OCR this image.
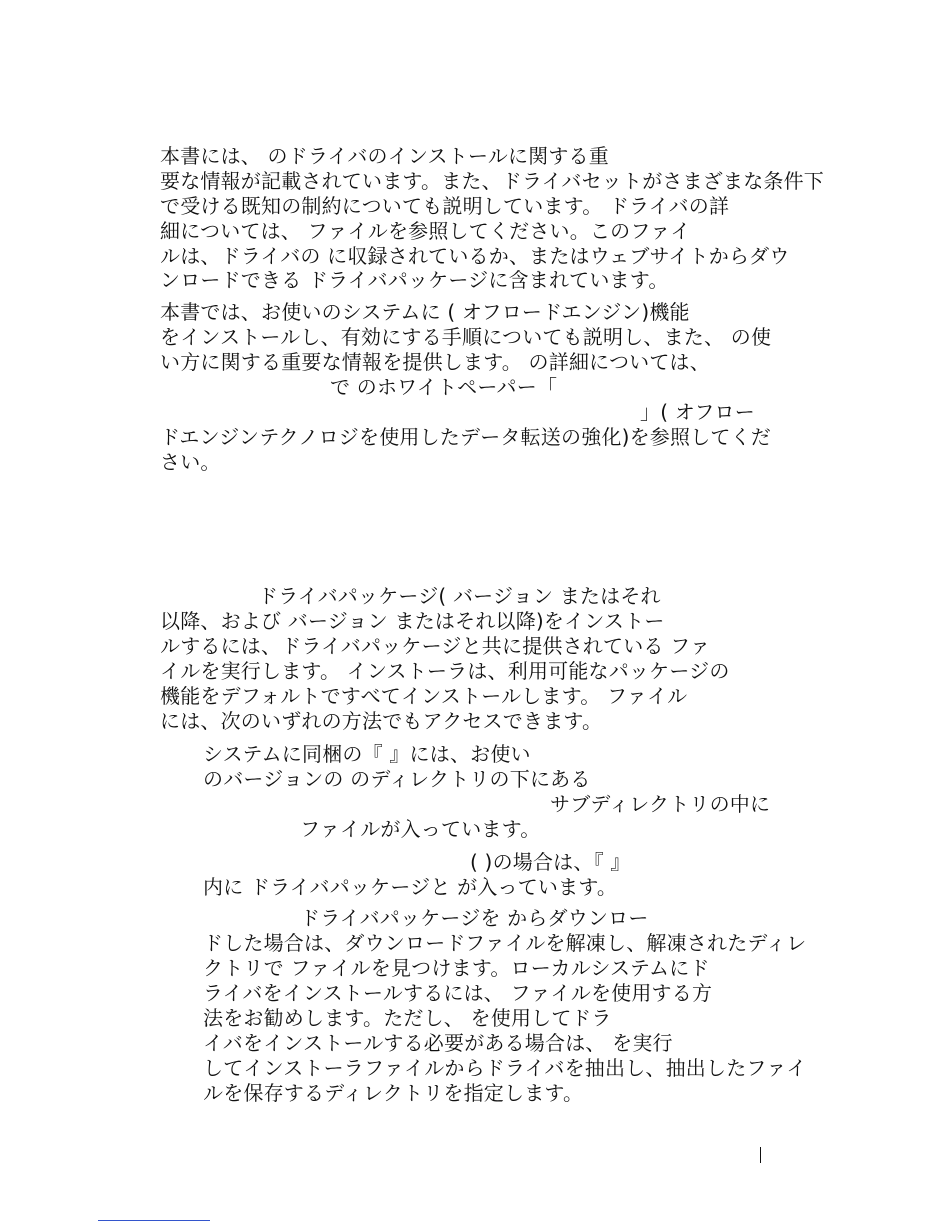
本書には、 のドライバのインストールに関する重
要な情報が記載されています。また、ドライバセットがさまざまな条件下
で受ける既知の制約についても説明しています。 ドライバの詳
細については、 ファイルを参照してください。このファイ
ルは、ドライバの に収録されているか、またはウェブサイトからダウ
ンロードできる ドライバパッケージに含まれています。
本書では、お使いのシステムに ( オフロードエンジン)機能
をインストールし、有効にする手順についても説明し、また、 の使
い方に関する重要な情報を提供します。 の詳細については、
で のホワイトペーパー「
」( オフロー
ドエンジンテクノロジを使用したデータ転送の強化)を参照してくだ
さい。
ドライバパッケージ( バージョン またはそれ
以降、および バージョン またはそれ以降)をインストー
ルするには、ドライバパッケージと共に提供されている ファ
イルを実行します。 インストーラは、利用可能なパッケージの
機能をデフォルトですべてインストールします。 ファイル
には、次のいずれの方法でもアクセスできます。
システムに同梱の『 』には、お使い
のバージョンの のディレクトリの下にある
サブディレクトリの中に
ファイルが入っています。
( )の場合は、『 』
内に ドライバパッケージと が入っています。
ドライバパッケージを からダウンロー
ドした場合は、ダウンロードファイルを解凍し、解凍されたディレ
クトリで ファイルを見つけます。ローカルシステムにド
ライバをインストールするには、 ファイルを使用する方
法をお勧めします。ただし、 を使用してドラ
イバをインストールする必要がある場合は、 を実行
してインストーラファイルからドライバを抽出し、抽出したファイ
ルを保存するディレクトリを指定します。
